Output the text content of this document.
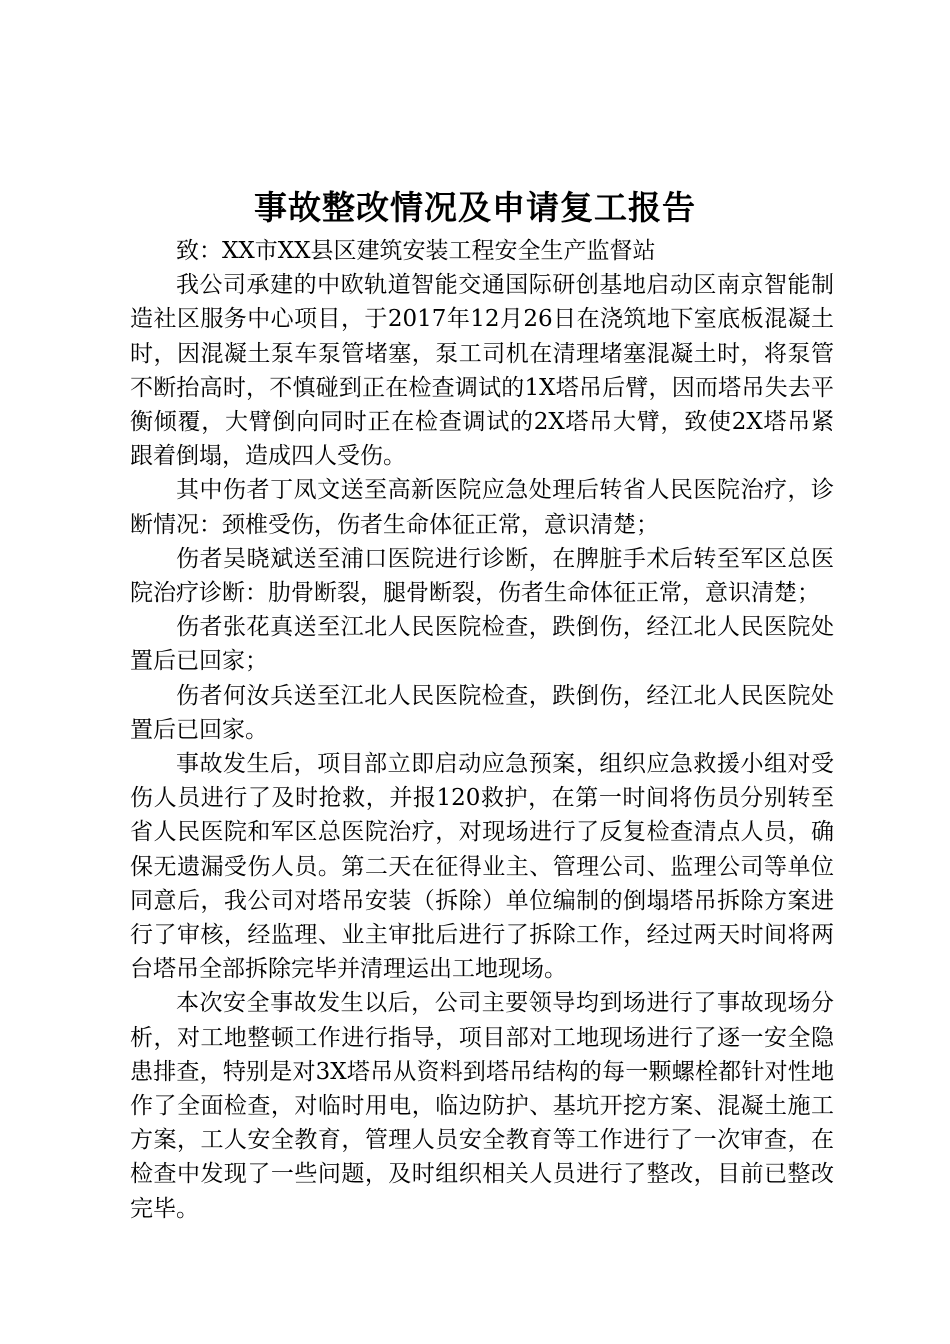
事故整改情况及申请复工报告

致：XX市XX县区建筑安装工程安全生产监督站

我公司承建的中欧轨道智能交通国际研创基地启动区南京智能制造社区服务中心项目，于2017年12月26日在浇筑地下室底板混凝土时，因混凝土泵车泵管堵塞，泵工司机在清理堵塞混凝土时，将泵管不断抬高时，不慎碰到正在检查调试的1X塔吊后臂，因而塔吊失去平衡倾覆，大臂倒向同时正在检查调试的2X塔吊大臂，致使2X塔吊紧跟着倒塌，造成四人受伤。

其中伤者丁凤文送至高新医院应急处理后转省人民医院治疗，诊断情况：颈椎受伤，伤者生命体征正常，意识清楚；

伤者吴晓斌送至浦口医院进行诊断，在脾脏手术后转至军区总医院治疗诊断：肋骨断裂，腿骨断裂，伤者生命体征正常，意识清楚；

伤者张花真送至江北人民医院检查，跌倒伤，经江北人民医院处置后已回家；

伤者何汝兵送至江北人民医院检查，跌倒伤，经江北人民医院处置后已回家。

事故发生后，项目部立即启动应急预案，组织应急救援小组对受伤人员进行了及时抢救，并报120救护，在第一时间将伤员分别转至省人民医院和军区总医院治疗，对现场进行了反复检查清点人员，确保无遗漏受伤人员。第二天在征得业主、管理公司、监理公司等单位同意后，我公司对塔吊安装（拆除）单位编制的倒塌塔吊拆除方案进行了审核，经监理、业主审批后进行了拆除工作，经过两天时间将两台塔吊全部拆除完毕并清理运出工地现场。

本次安全事故发生以后，公司主要领导均到场进行了事故现场分析，对工地整顿工作进行指导，项目部对工地现场进行了逐一安全隐患排查，特别是对3X塔吊从资料到塔吊结构的每一颗螺栓都针对性地作了全面检查，对临时用电，临边防护、基坑开挖方案、混凝土施工方案，工人安全教育，管理人员安全教育等工作进行了一次审查，在检查中发现了一些问题，及时组织相关人员进行了整改，目前已整改完毕。
